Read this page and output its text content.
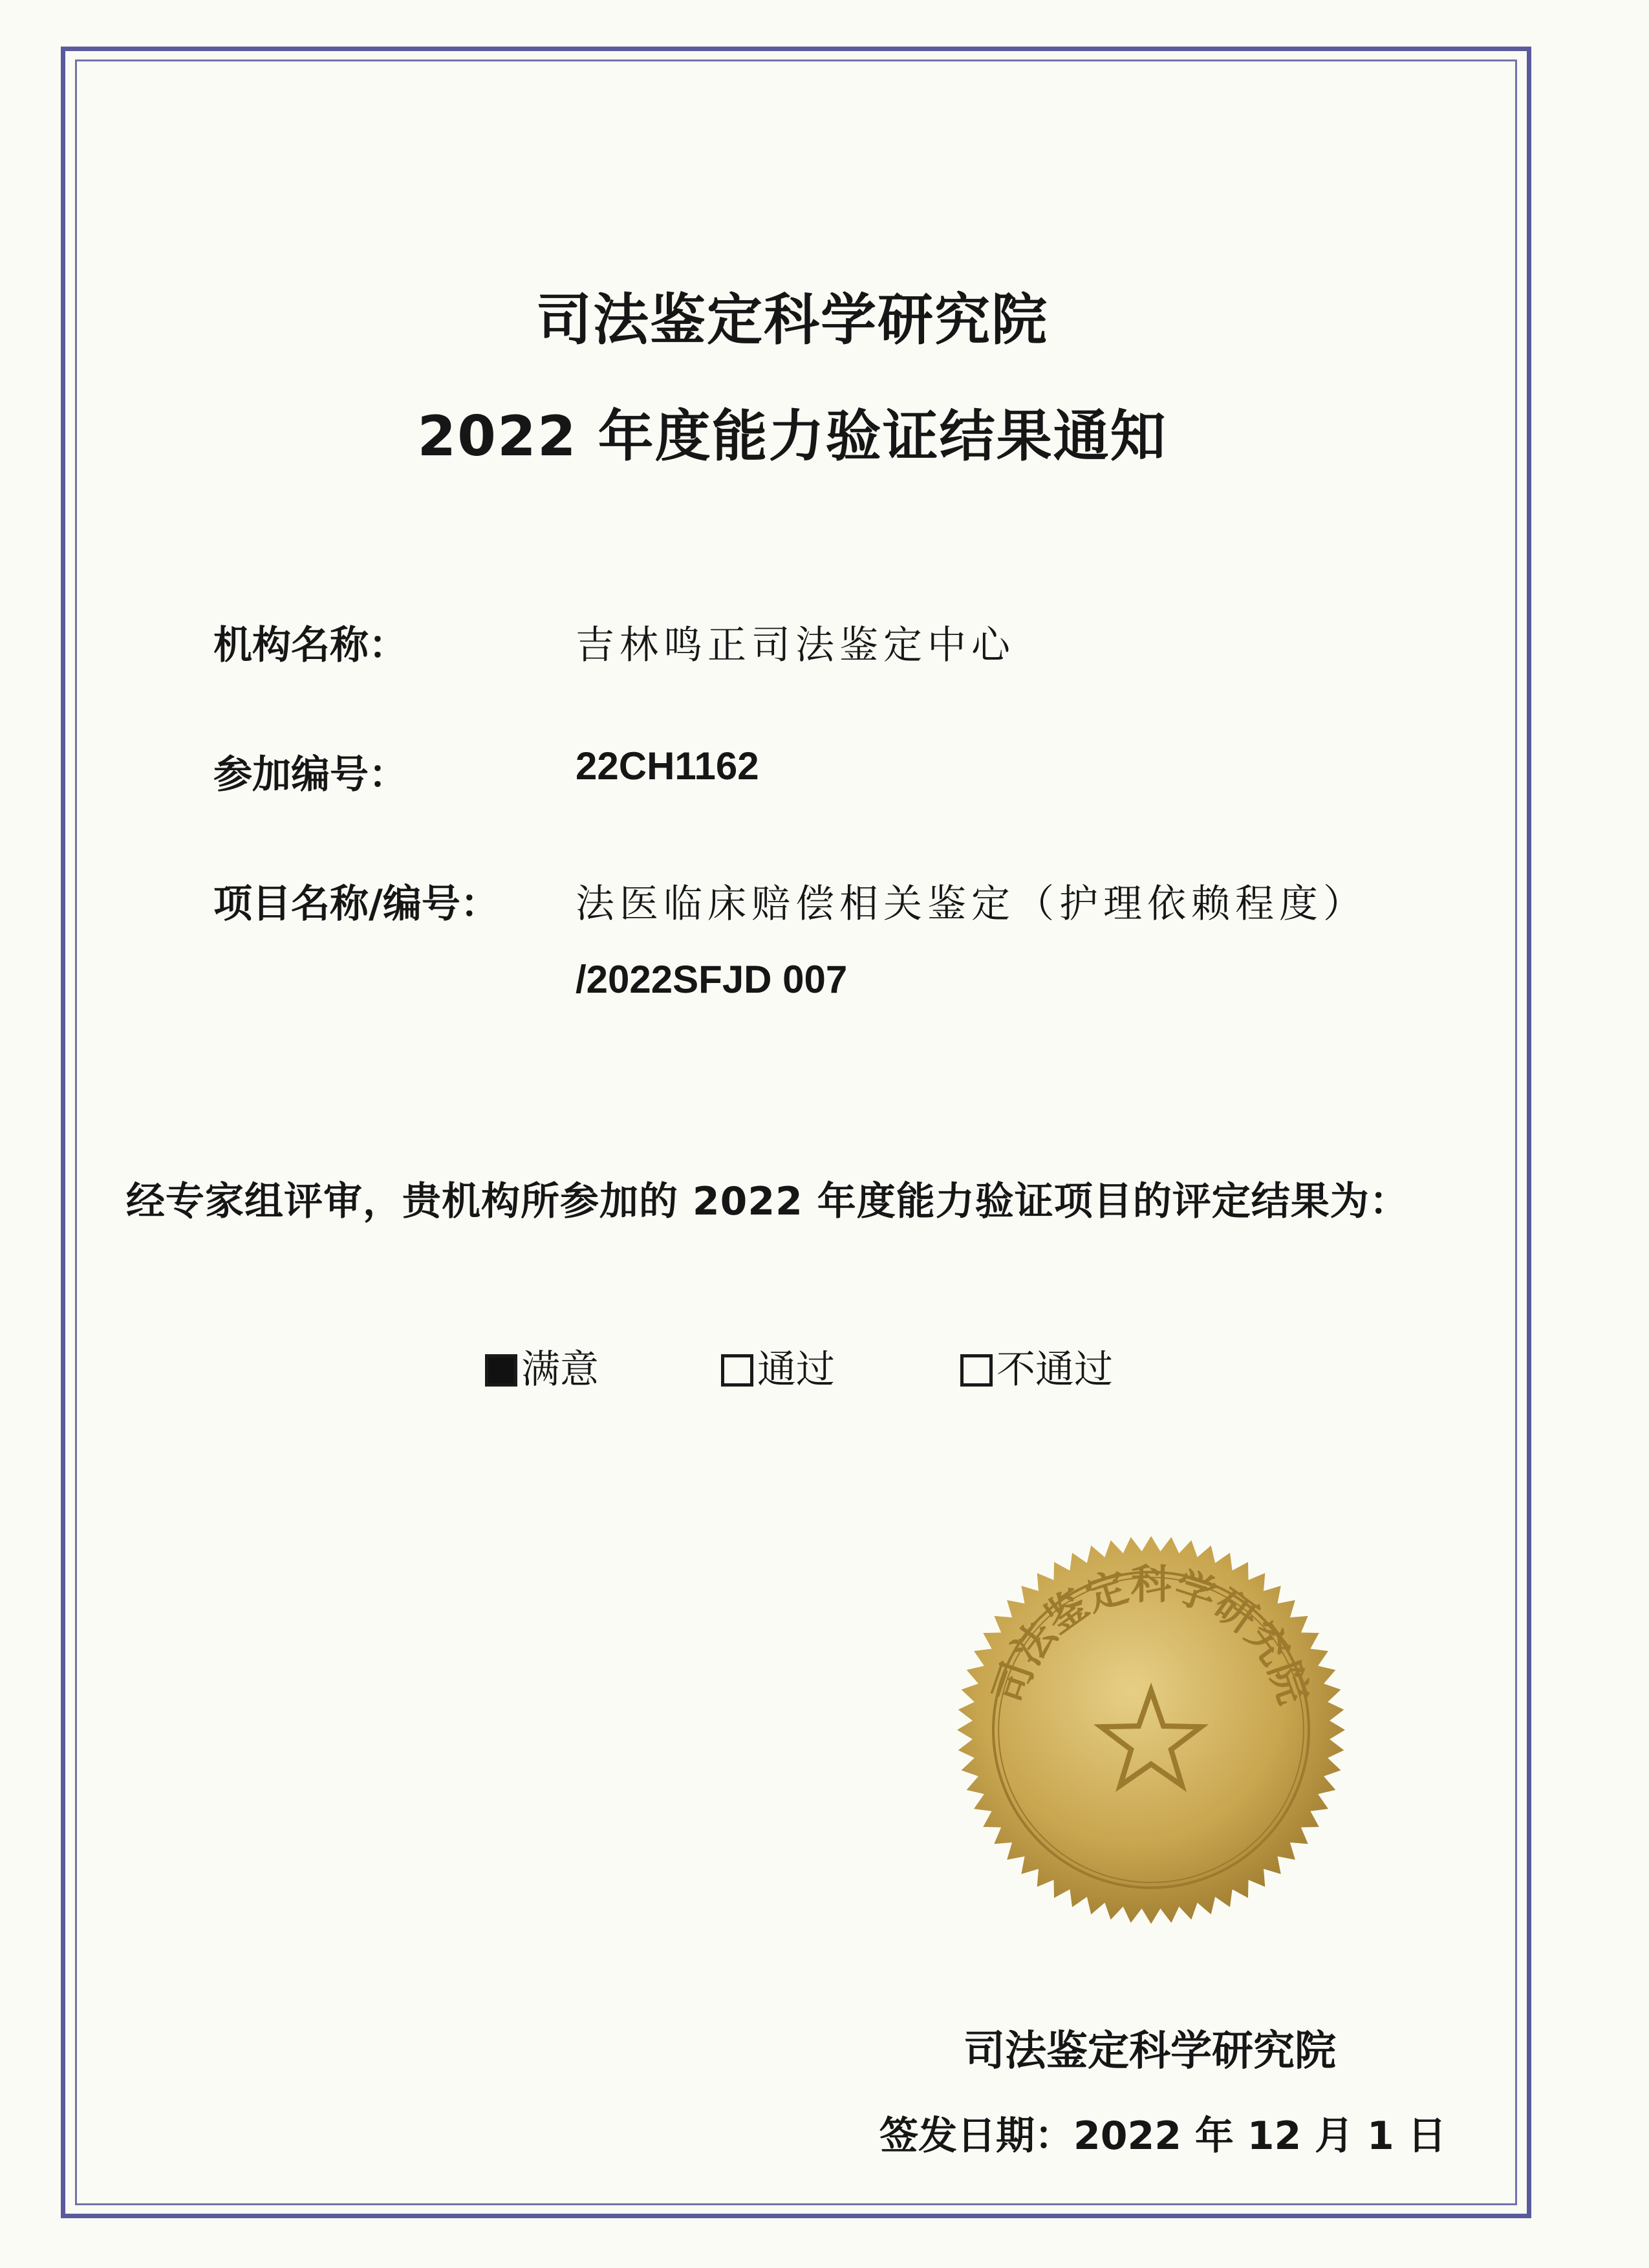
司法鉴定科学研究院
2022 年度能力验证结果通知
机构名称：	吉林鸣正司法鉴定中心
参加编号：	22CH1162
项目名称/编号： 法医临床赔偿相关鉴定（护理依赖程度）
/2022SFJD 007
经专家组评审，贵机构所参加的 2022 年度能力验证项目的评定结果为：
满意	通过	不通过
司法鉴定科学研究院
司法鉴定科学研究院
签发日期：2022 年 12 月 1 日
